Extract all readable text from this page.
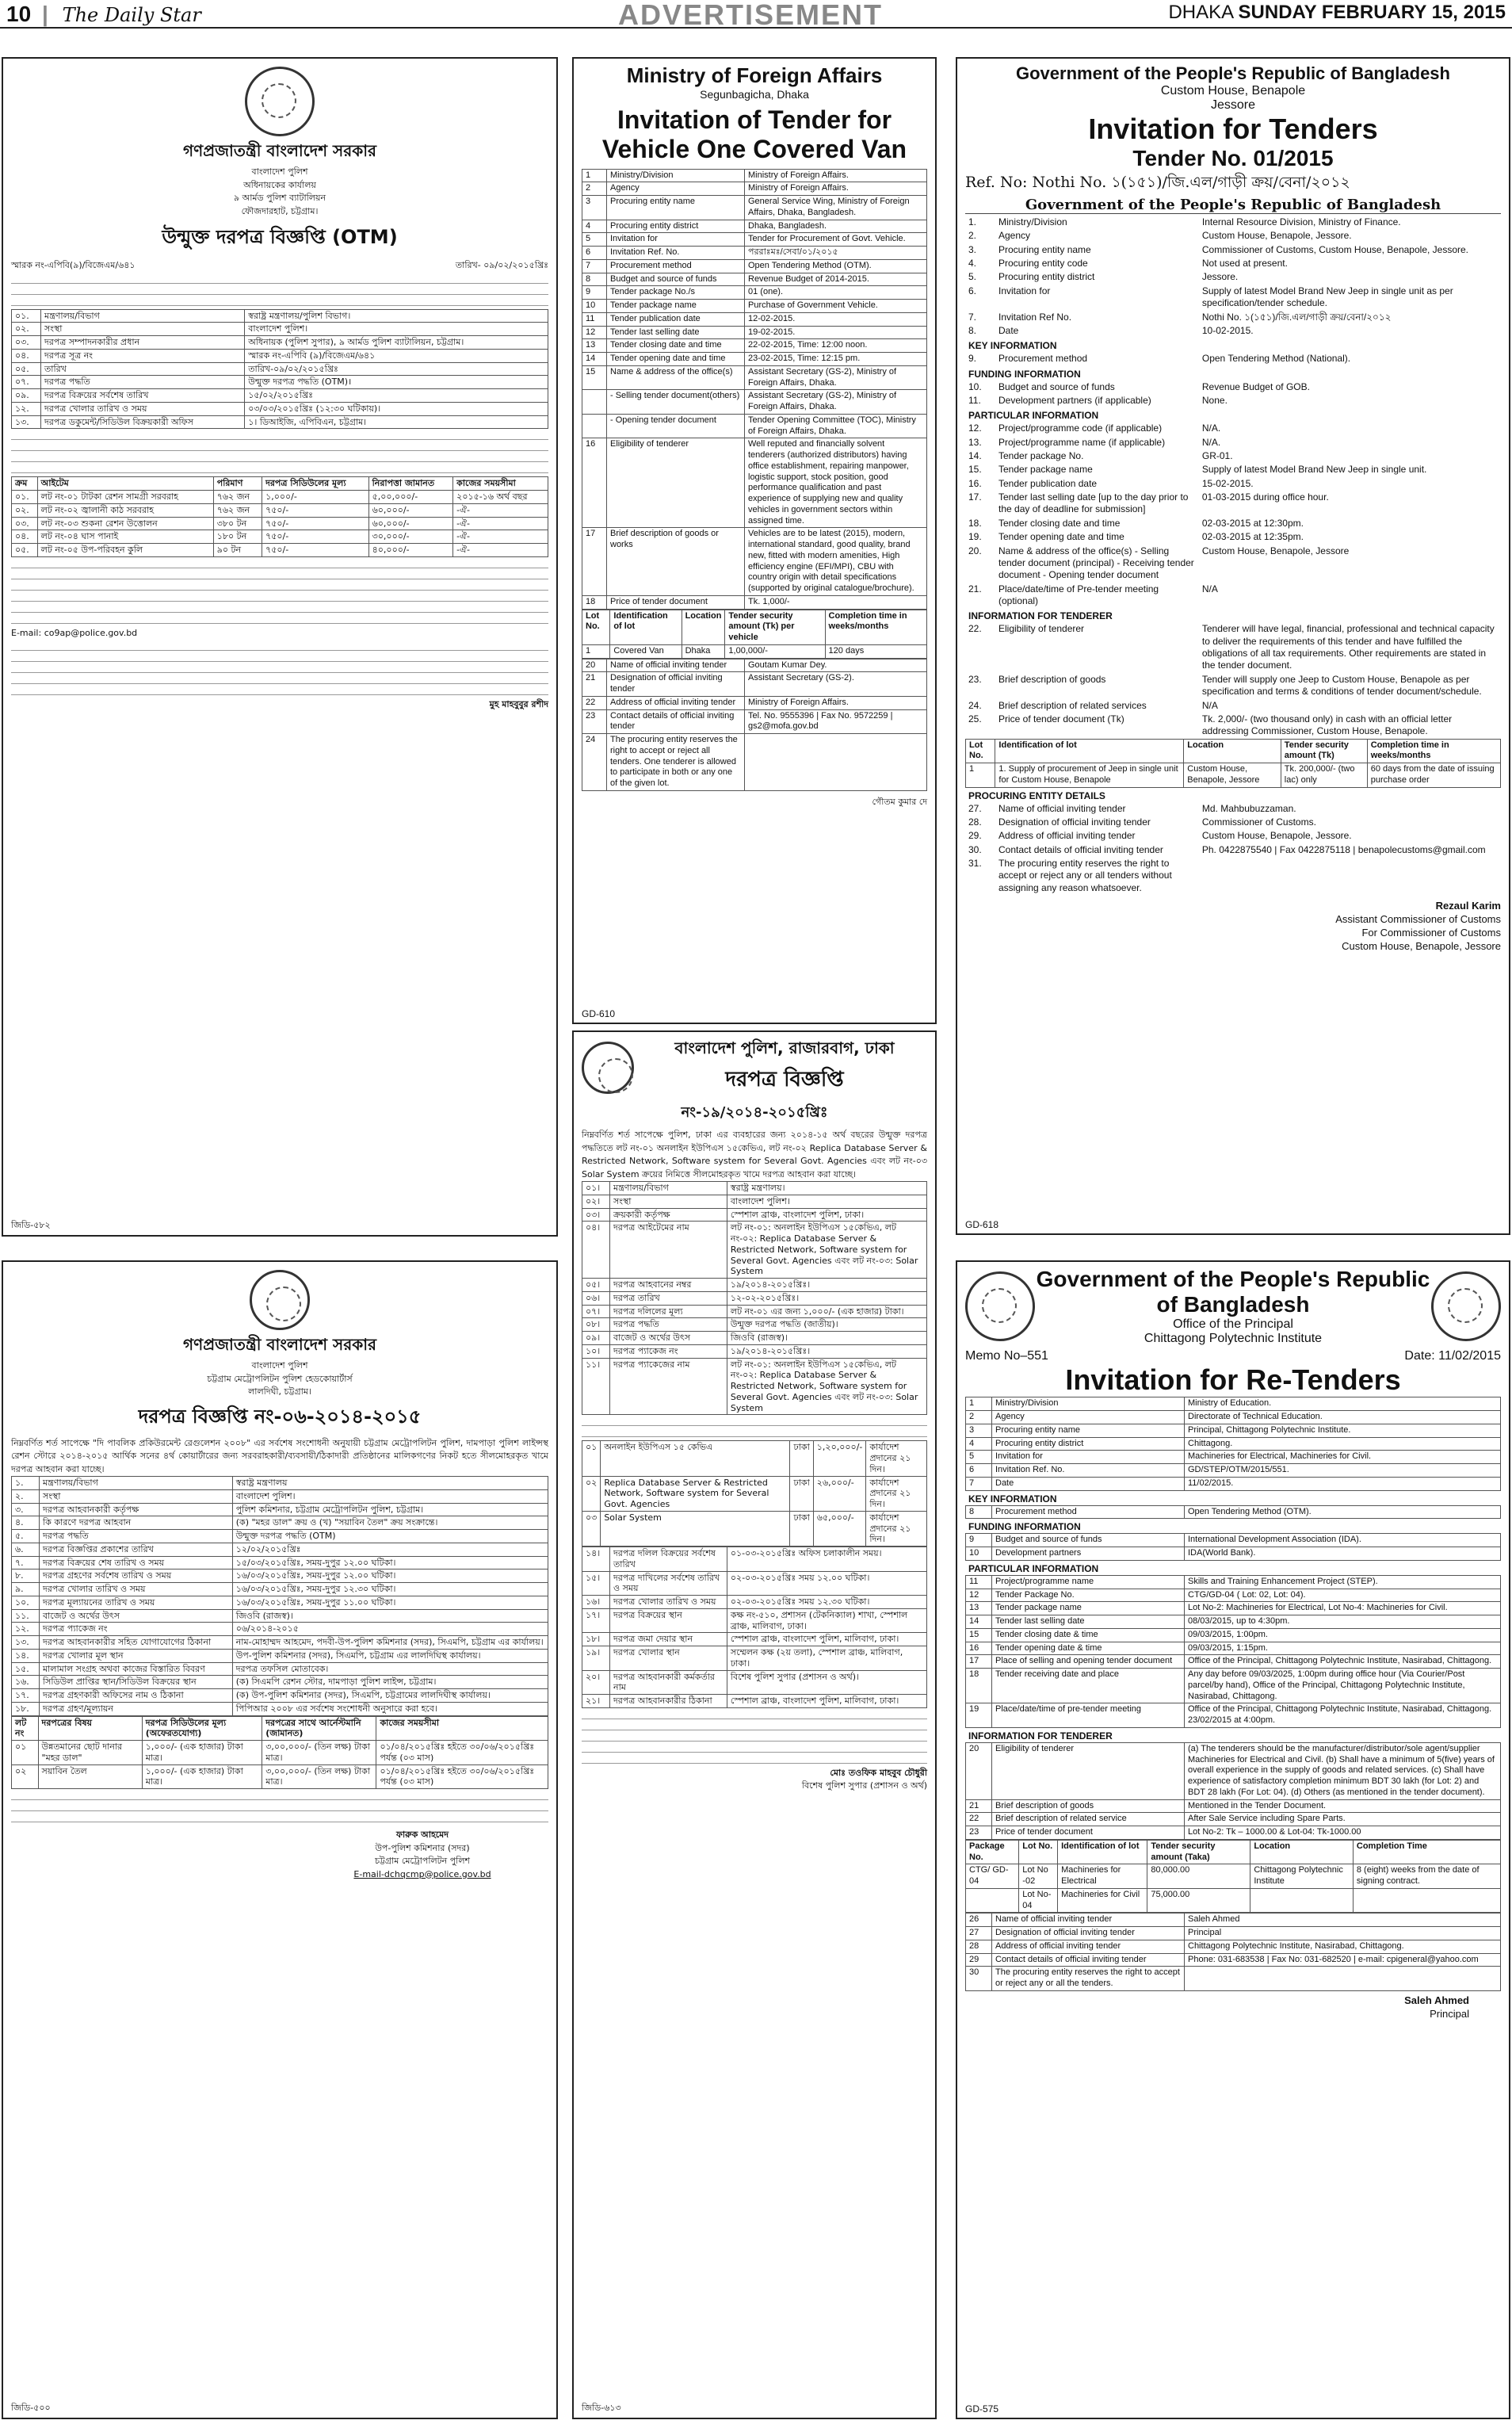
10 | The Daily Star	ADVERTISEMENT	DHAKA SUNDAY FEBRUARY 15, 2015
গণপ্রজাতন্ত্রী বাংলাদেশ সরকার
বাংলাদেশ পুলিশ
অধিনায়কের কার্যালয়
৯ আর্মড পুলিশ ব্যাটালিয়ন
ফৌজদারহাট, চট্টগ্রাম।
উন্মুক্ত দরপত্র বিজ্ঞপ্তি (OTM)
স্মারক নং-এপিবি(৯)/বিজেএম/৬৪১	তারিখ- ০৯/০২/২০১৫খ্রিঃ
০১.	মন্ত্রণালয়/বিভাগ	স্বরাষ্ট্র মন্ত্রণালয়/পুলিশ বিভাগ।
০২.	সংস্থা	বাংলাদেশ পুলিশ।
০৩.	দরপত্র সম্পাদনকারীর প্রধান	অধিনায়ক (পুলিশ সুপার), ৯ আর্মড পুলিশ ব্যাটালিয়ন, চট্টগ্রাম।
০৪.	দরপত্র সূত্র নং	স্মারক নং-এপিবি (৯)/বিজেএম/৬৪১
০৫.	তারিখ	তারিখ-০৯/০২/২০১৫খ্রিঃ
০৭.	দরপত্র পদ্ধতি	উন্মুক্ত দরপত্র পদ্ধতি (OTM)।
০৯.	দরপত্র বিক্রয়ের সর্বশেষ তারিখ	১৫/০২/২০১৫খ্রিঃ
১২.	দরপত্র খোলার তারিখ ও সময়	০৩/০৩/২০১৫খ্রিঃ (১২:৩০ ঘটিকায়)।
১৩.	দরপত্র ডকুমেন্ট/সিডিউল বিক্রয়কারী অফিস	১। ডিআইজি, এপিবিএন, চট্টগ্রাম।
ক্রম	আইটেম	পরিমাণ	দরপত্র সিডিউলের মূল্য	নিরাপত্তা জামানত	কাজের সময়সীমা
০১.	লট নং-০১ টাটকা রেশন সামগ্রী সরবরাহ	৭৬২ জন	১,০০০/-	৫,০০,০০০/-	২০১৫-১৬ অর্থ বছর
০২.	লট নং-০২ জ্বালানী কাঠ সরবরাহ	৭৬২ জন	৭৫০/-	৬০,০০০/-	-ঐ-
০৩.	লট নং-০৩ শুকনা রেশন উত্তোলন	৩৮০ টন	৭৫০/-	৬০,০০০/-	-ঐ-
০৪.	লট নং-০৪ ঘাস পানাই	১৮০ টন	৭৫০/-	৩০,০০০/-	-ঐ-
০৫.	লট নং-০৫ উপ-পরিবহন কুলি	৯০ টন	৭৫০/-	৪০,০০০/-	-ঐ-
E-mail: co9ap@police.gov.bd
মুহ মাহবুবুর রশীদ
জিডি-৫৮২
Ministry of Foreign Affairs
Segunbagicha, Dhaka
Invitation of Tender for Vehicle One Covered Van
1	Ministry/Division	Ministry of Foreign Affairs.
2	Agency	Ministry of Foreign Affairs.
3	Procuring entity name	General Service Wing, Ministry of Foreign Affairs, Dhaka, Bangladesh.
4	Procuring entity district	Dhaka, Bangladesh.
5	Invitation for	Tender for Procurement of Govt. Vehicle.
6	Invitation Ref. No.	পররাঃমঃ/সেবা/০১/২০১৫
7	Procurement method	Open Tendering Method (OTM).
8	Budget and source of funds	Revenue Budget of 2014-2015.
9	Tender package No./s	01 (one).
10	Tender package name	Purchase of Government Vehicle.
11	Tender publication date	12-02-2015.
12	Tender last selling date	19-02-2015.
13	Tender closing date and time	22-02-2015, Time: 12:00 noon.
14	Tender opening date and time	23-02-2015, Time: 12:15 pm.
15	Name & address of the office(s)	Assistant Secretary (GS-2), Ministry of Foreign Affairs, Dhaka.
	- Selling tender document(others)	Assistant Secretary (GS-2), Ministry of Foreign Affairs, Dhaka.
	- Opening tender document	Tender Opening Committee (TOC), Ministry of Foreign Affairs, Dhaka.
16	Eligibility of tenderer	Well reputed and financially solvent tenderers (authorized distributors) having office establishment, repairing manpower, logistic support, stock position, good performance qualification and past experience of supplying new and quality vehicles in government sectors within assigned time.
17	Brief description of goods or works	Vehicles are to be latest (2015), modern, international standard, good quality, brand new, fitted with modern amenities, High efficiency engine (EFI/MPI), CBU with country origin with detail specifications (supported by original catalogue/brochure).
18	Price of tender document	Tk. 1,000/-
Lot No.	Identification of lot	Location	Tender security amount (Tk) per vehicle	Completion time in weeks/months
1	Covered Van	Dhaka	1,00,000/-	120 days
20	Name of official inviting tender	Goutam Kumar Dey.
21	Designation of official inviting tender	Assistant Secretary (GS-2).
22	Address of official inviting tender	Ministry of Foreign Affairs.
23	Contact details of official inviting tender	Tel. No. 9555396 | Fax No. 9572259 | gs2@mofa.gov.bd
24	The procuring entity reserves the right to accept or reject all tenders. One tenderer is allowed to participate in both or any one of the given lot.	
গৌতম কুমার দে
GD-610
Government of the People's Republic of Bangladesh
Custom House, Benapole
Jessore
Invitation for Tenders
Tender No. 01/2015
Ref. No: Nothi No. ১(১৫১)/জি.এল/গাড়ী ক্রয়/বেনা/২০১২
Government of the People's Republic of Bangladesh
1.	Ministry/Division	Internal Resource Division, Ministry of Finance.
2.	Agency	Custom House, Benapole, Jessore.
3.	Procuring entity name	Commissioner of Customs, Custom House, Benapole, Jessore.
4.	Procuring entity code	Not used at present.
5.	Procuring entity district	Jessore.
6.	Invitation for	Supply of latest Model Brand New Jeep in single unit as per specification/tender schedule.
7.	Invitation Ref No.	Nothi No. ১(১৫১)/জি.এল/গাড়ী ক্রয়/বেনা/২০১২
8.	Date	10-02-2015.
KEY INFORMATION
9.	Procurement method	Open Tendering Method (National).
FUNDING INFORMATION
10.	Budget and source of funds	Revenue Budget of GOB.
11.	Development partners (if applicable)	None.
PARTICULAR INFORMATION
12.	Project/programme code (if applicable)	N/A.
13.	Project/programme name (if applicable)	N/A.
14.	Tender package No.	GR-01.
15.	Tender package name	Supply of latest Model Brand New Jeep in single unit.
16.	Tender publication date	15-02-2015.
17.	Tender last selling date [up to the day prior to the day of deadline for submission]	01-03-2015 during office hour.
18.	Tender closing date and time	02-03-2015 at 12:30pm.
19.	Tender opening date and time	02-03-2015 at 12:35pm.
20.	Name & address of the office(s) - Selling tender document (principal) - Receiving tender document - Opening tender document	Custom House, Benapole, Jessore
21.	Place/date/time of Pre-tender meeting (optional)	N/A
INFORMATION FOR TENDERER
22.	Eligibility of tenderer	Tenderer will have legal, financial, professional and technical capacity to deliver the requirements of this tender and have fulfilled the obligations of all tax requirements. Other requirements are stated in the tender document.
23.	Brief description of goods	Tender will supply one Jeep to Custom House, Benapole as per specification and terms & conditions of tender document/schedule.
24.	Brief description of related services	N/A
25.	Price of tender document (Tk)	Tk. 2,000/- (two thousand only) in cash with an official letter addressing Commissioner, Custom House, Benapole.
Lot No.	Identification of lot	Location	Tender security amount (Tk)	Completion time in weeks/months
1	1. Supply of procurement of Jeep in single unit for Custom House, Benapole	Custom House, Benapole, Jessore	Tk. 200,000/- (two lac) only	60 days from the date of issuing purchase order
PROCURING ENTITY DETAILS
27.	Name of official inviting tender	Md. Mahbubuzzaman.
28.	Designation of official inviting tender	Commissioner of Customs.
29.	Address of official inviting tender	Custom House, Benapole, Jessore.
30.	Contact details of official inviting tender	Ph. 0422875540 | Fax 0422875118 | benapolecustoms@gmail.com
31.	The procuring entity reserves the right to accept or reject any or all tenders without assigning any reason whatsoever.	
Rezaul Karim
Assistant Commissioner of Customs
For Commissioner of Customs
Custom House, Benapole, Jessore
GD-618
বাংলাদেশ পুলিশ, রাজারবাগ, ঢাকা
দরপত্র বিজ্ঞপ্তি
নং-১৯/২০১৪-২০১৫খ্রিঃ
নিম্নবর্ণিত শর্ত সাপেক্ষে পুলিশ, ঢাকা এর ব্যবহারের জন্য ২০১৪-১৫ অর্থ বছরের উন্মুক্ত দরপত্র পদ্ধতিতে লট নং-০১ অনলাইন ইউপিএস ১৫কেভিএ, লট নং-০২ Replica Database Server & Restricted Network, Software system for Several Govt. Agencies এবং লট নং-০৩ Solar System ক্রয়ের নিমিত্তে সীলমোহরকৃত খামে দরপত্র আহবান করা যাচ্ছে।
০১।	মন্ত্রণালয়/বিভাগ	স্বরাষ্ট্র মন্ত্রণালয়।
০২।	সংস্থা	বাংলাদেশ পুলিশ।
০৩।	ক্রয়কারী কর্তৃপক্ষ	স্পেশাল ব্রাঞ্চ, বাংলাদেশ পুলিশ, ঢাকা।
০৪।	দরপত্র আইটেমের নাম	লট নং-০১: অনলাইন ইউপিএস ১৫কেভিএ, লট নং-০২: Replica Database Server & Restricted Network, Software system for Several Govt. Agencies এবং লট নং-০৩: Solar System
০৫।	দরপত্র আহবানের নম্বর	১৯/২০১৪-২০১৫খ্রিঃ।
০৬।	দরপত্র তারিখ	১২-০২-২০১৫খ্রিঃ।
০৭।	দরপত্র দলিলের মূল্য	লট নং-০১ এর জন্য ১,০০০/- (এক হাজার) টাকা।
০৮।	দরপত্র পদ্ধতি	উন্মুক্ত দরপত্র পদ্ধতি (জাতীয়)।
০৯।	বাজেট ও অর্থের উৎস	জিওবি (রাজস্ব)।
১০।	দরপত্র প্যাকেজ নং	১৯/২০১৪-২০১৫খ্রিঃ।
১১।	দরপত্র প্যাকেজের নাম	লট নং-০১: অনলাইন ইউপিএস ১৫কেভিএ, লট নং-০২: Replica Database Server & Restricted Network, Software system for Several Govt. Agencies এবং লট নং-০৩: Solar System
০১	অনলাইন ইউপিএস ১৫ কেভিএ	ঢাকা	১,২০,০০০/-	কার্যাদেশ প্রদানের ২১ দিন।
০২	Replica Database Server & Restricted Network, Software system for Several Govt. Agencies	ঢাকা	২৬,০০০/-	কার্যাদেশ প্রদানের ২১ দিন।
০৩	Solar System	ঢাকা	৬৫,০০০/-	কার্যাদেশ প্রদানের ২১ দিন।
১৪।	দরপত্র দলিল বিক্রয়ের সর্বশেষ তারিখ	০১-০৩-২০১৫খ্রিঃ অফিস চলাকালীন সময়।
১৫।	দরপত্র দাখিলের সর্বশেষ তারিখ ও সময়	০২-০৩-২০১৫খ্রিঃ সময় ১২.০০ ঘটিকা।
১৬।	দরপত্র খোলার তারিখ ও সময়	০২-০৩-২০১৫খ্রিঃ সময় ১২.৩০ ঘটিকা।
১৭।	দরপত্র বিক্রয়ের স্থান	কক্ষ নং-৫১০, প্রশাসন (টেকনিক্যাল) শাখা, স্পেশাল ব্রাঞ্চ, মালিবাগ, ঢাকা।
১৮।	দরপত্র জমা দেয়ার স্থান	স্পেশাল ব্রাঞ্চ, বাংলাদেশ পুলিশ, মালিবাগ, ঢাকা।
১৯।	দরপত্র খোলার স্থান	সম্মেলন কক্ষ (২য় তলা), স্পেশাল ব্রাঞ্চ, মালিবাগ, ঢাকা।
২০।	দরপত্র আহবানকারী কর্মকর্তার নাম	বিশেষ পুলিশ সুপার (প্রশাসন ও অর্থ)।
২১।	দরপত্র আহবানকারীর ঠিকানা	স্পেশাল ব্রাঞ্চ, বাংলাদেশ পুলিশ, মালিবাগ, ঢাকা।
মোঃ তওফিক মাহবুব চৌধুরী
বিশেষ পুলিশ সুপার (প্রশাসন ও অর্থ)
জিডি-৬১৩
গণপ্রজাতন্ত্রী বাংলাদেশ সরকার
বাংলাদেশ পুলিশ
চট্টগ্রাম মেট্রোপলিটন পুলিশ হেডকোয়ার্টার্স
লালদিঘী, চট্টগ্রাম।
দরপত্র বিজ্ঞপ্তি নং-০৬-২০১৪-২০১৫
নিম্নবর্ণিত শর্ত সাপেক্ষে "দি পাবলিক প্রকিউরমেন্ট রেগুলেশন ২০০৮" এর সর্বশেষ সংশোধনী অনুযায়ী চট্টগ্রাম মেট্রোপলিটন পুলিশ, দামপাড়া পুলিশ লাইন্সস্থ রেশন স্টোরে ২০১৪-২০১৫ আর্থিক সনের ৪র্থ কোয়ার্টারের জন্য সরবরাহকারী/ব্যবসায়ী/ঠিকাদারী প্রতিষ্ঠানের মালিকগণের নিকট হতে সীলমোহরকৃত খামে দরপত্র আহবান করা যাচ্ছে।
১.	মন্ত্রণালয়/বিভাগ	স্বরাষ্ট্র মন্ত্রণালয়
২.	সংস্থা	বাংলাদেশ পুলিশ।
৩.	দরপত্র আহবানকারী কর্তৃপক্ষ	পুলিশ কমিশনার, চট্টগ্রাম মেট্রোপলিটন পুলিশ, চট্টগ্রাম।
৪.	কি কারণে দরপত্র আহবান	(ক) "মহর ডাল" ক্রয় ও (খ) "সয়াবিন তৈল" ক্রয় সংক্রান্তে।
৫.	দরপত্র পদ্ধতি	উন্মুক্ত দরপত্র পদ্ধতি (OTM)
৬.	দরপত্র বিজ্ঞপ্তির প্রকাশের তারিখ	১২/০২/২০১৫খ্রিঃ
৭.	দরপত্র বিক্রয়ের শেষ তারিখ ও সময়	১৫/০৩/২০১৫খ্রিঃ, সময়-দুপুর ১২.০০ ঘটিকা।
৮.	দরপত্র গ্রহণের সর্বশেষ তারিখ ও সময়	১৬/০৩/২০১৫খ্রিঃ, সময়-দুপুর ১২.০০ ঘটিকা।
৯.	দরপত্র খোলার তারিখ ও সময়	১৬/০৩/২০১৫খ্রিঃ, সময়-দুপুর ১২.৩০ ঘটিকা।
১০.	দরপত্র মূল্যায়নের তারিখ ও সময়	১৬/০৩/২০১৫খ্রিঃ, সময়-দুপুর ১১.০০ ঘটিকা।
১১.	বাজেট ও অর্থের উৎস	জিওবি (রাজস্ব)।
১২.	দরপত্র প্যাকেজ নং	০৬/২০১৪-২০১৫
১৩.	দরপত্র আহবানকারীর সহিত যোগাযোগের ঠিকানা	নাম-মোহাম্মদ আহমেদ, পদবী-উপ-পুলিশ কমিশনার (সদর), সিএমপি, চট্টগ্রাম এর কার্যালয়।
১৪.	দরপত্র খোলার মূল স্থান	উপ-পুলিশ কমিশনার (সদর), সিএমপি, চট্টগ্রাম এর লালদিঘিস্থ কার্যালয়।
১৫.	মালামাল সংগ্রহ অথবা কাজের বিস্তারিত বিবরণ	দরপত্র তফসিল মোতাবেক।
১৬.	সিডিউল প্রাপ্তির স্থান/সিডিউল বিক্রয়ের স্থান	(ক) সিএমপি রেশন স্টোর, দামপাড়া পুলিশ লাইন্স, চট্টগ্রাম।
১৭.	দরপত্র গ্রহণকারী অফিসের নাম ও ঠিকানা	(ক) উপ-পুলিশ কমিশনার (সদর), সিএমপি, চট্টগ্রামের লালদিঘীস্থ কার্যালয়।
১৮.	দরপত্র গ্রহণ/মূল্যায়ন	পিপিআর ২০০৮ এর সর্বশেষ সংশোধনী অনুসারে করা হবে।
লট নং	দরপত্রের বিষয়	দরপত্র সিডিউলের মূল্য (অফেরতযোগ্য)	দরপত্রের সাথে আর্নেস্টমানি (জামানত)	কাজের সময়সীমা
০১	উন্নতমানের ছোট দানার "মহর ডাল"	১,০০০/- (এক হাজার) টাকা মাত্র।	৩,০০,০০০/- (তিন লক্ষ) টাকা মাত্র।	০১/০৪/২০১৫খ্রিঃ হইতে ৩০/০৬/২০১৫খ্রিঃ পর্যন্ত (০৩ মাস)
০২	সয়াবিন তৈল	১,০০০/- (এক হাজার) টাকা মাত্র।	৩,০০,০০০/- (তিন লক্ষ) টাকা মাত্র।	০১/০৪/২০১৫খ্রিঃ হইতে ৩০/০৬/২০১৫খ্রিঃ পর্যন্ত (০৩ মাস)
ফারুক আহমেদ
উপ-পুলিশ কমিশনার (সদর)
চট্টগ্রাম মেট্রোপলিটন পুলিশ
E-mail-dchqcmp@police.gov.bd
জিডি-৫০০
Government of the People's Republic of Bangladesh
Office of the Principal
Chittagong Polytechnic Institute
Memo No–551	Date: 11/02/2015
Invitation for Re-Tenders
1	Ministry/Division	Ministry of Education.
2	Agency	Directorate of Technical Education.
3	Procuring entity name	Principal, Chittagong Polytechnic Institute.
4	Procuring entity district	Chittagong.
5	Invitation for	Machineries for Electrical, Machineries for Civil.
6	Invitation Ref. No.	GD/STEP/OTM/2015/551.
7	Date	11/02/2015.
KEY INFORMATION
8	Procurement method	Open Tendering Method (OTM).
FUNDING INFORMATION
9	Budget and source of funds	International Development Association (IDA).
10	Development partners	IDA(World Bank).
PARTICULAR INFORMATION
11	Project/programme name	Skills and Training Enhancement Project (STEP).
12	Tender Package No.	CTG/GD-04 ( Lot: 02, Lot: 04).
13	Tender package name	Lot No-2: Machineries for Electrical, Lot No-4: Machineries for Civil.
14	Tender last selling date	08/03/2015, up to 4:30pm.
15	Tender closing date & time	09/03/2015, 1:00pm.
16	Tender opening date & time	09/03/2015, 1:15pm.
17	Place of selling and opening tender document	Office of the Principal, Chittagong Polytechnic Institute, Nasirabad, Chittagong.
18	Tender receiving date and place	Any day before 09/03/2025, 1:00pm during office hour (Via Courier/Post parcel/by hand), Office of the Principal, Chittagong Polytechnic Institute, Nasirabad, Chittagong.
19	Place/date/time of pre-tender meeting	Office of the Principal, Chittagong Polytechnic Institute, Nasirabad, Chittagong. 23/02/2015 at 4:00pm.
INFORMATION FOR TENDERER
20	Eligibility of tenderer	(a) The tenderers should be the manufacturer/distributor/sole agent/supplier Machineries for Electrical and Civil. (b) Shall have a minimum of 5(five) years of overall experience in the supply of goods and related services. (c) Shall have experience of satisfactory completion minimum BDT 30 lakh (for Lot: 2) and BDT 28 lakh (For Lot: 04). (d) Others (as mentioned in the tender document).
21	Brief description of goods	Mentioned in the Tender Document.
22	Brief description of related service	After Sale Service including Spare Parts.
23	Price of tender document	Lot No-2: Tk – 1000.00 & Lot-04: Tk-1000.00
Package No.	Lot No.	Identification of lot	Tender security amount (Taka)	Location	Completion Time
CTG/ GD-04	Lot No -02	Machineries for Electrical	80,000.00	Chittagong Polytechnic Institute	8 (eight) weeks from the date of signing contract.
	Lot No-04	Machineries for Civil	75,000.00		
26	Name of official inviting tender	Saleh Ahmed
27	Designation of official inviting tender	Principal
28	Address of official inviting tender	Chittagong Polytechnic Institute, Nasirabad, Chittagong.
29	Contact details of official inviting tender	Phone: 031-683538 | Fax No: 031-682520 | e-mail: cpigeneral@yahoo.com
30	The procuring entity reserves the right to accept or reject any or all the tenders.	
Saleh Ahmed
Principal
GD-575
